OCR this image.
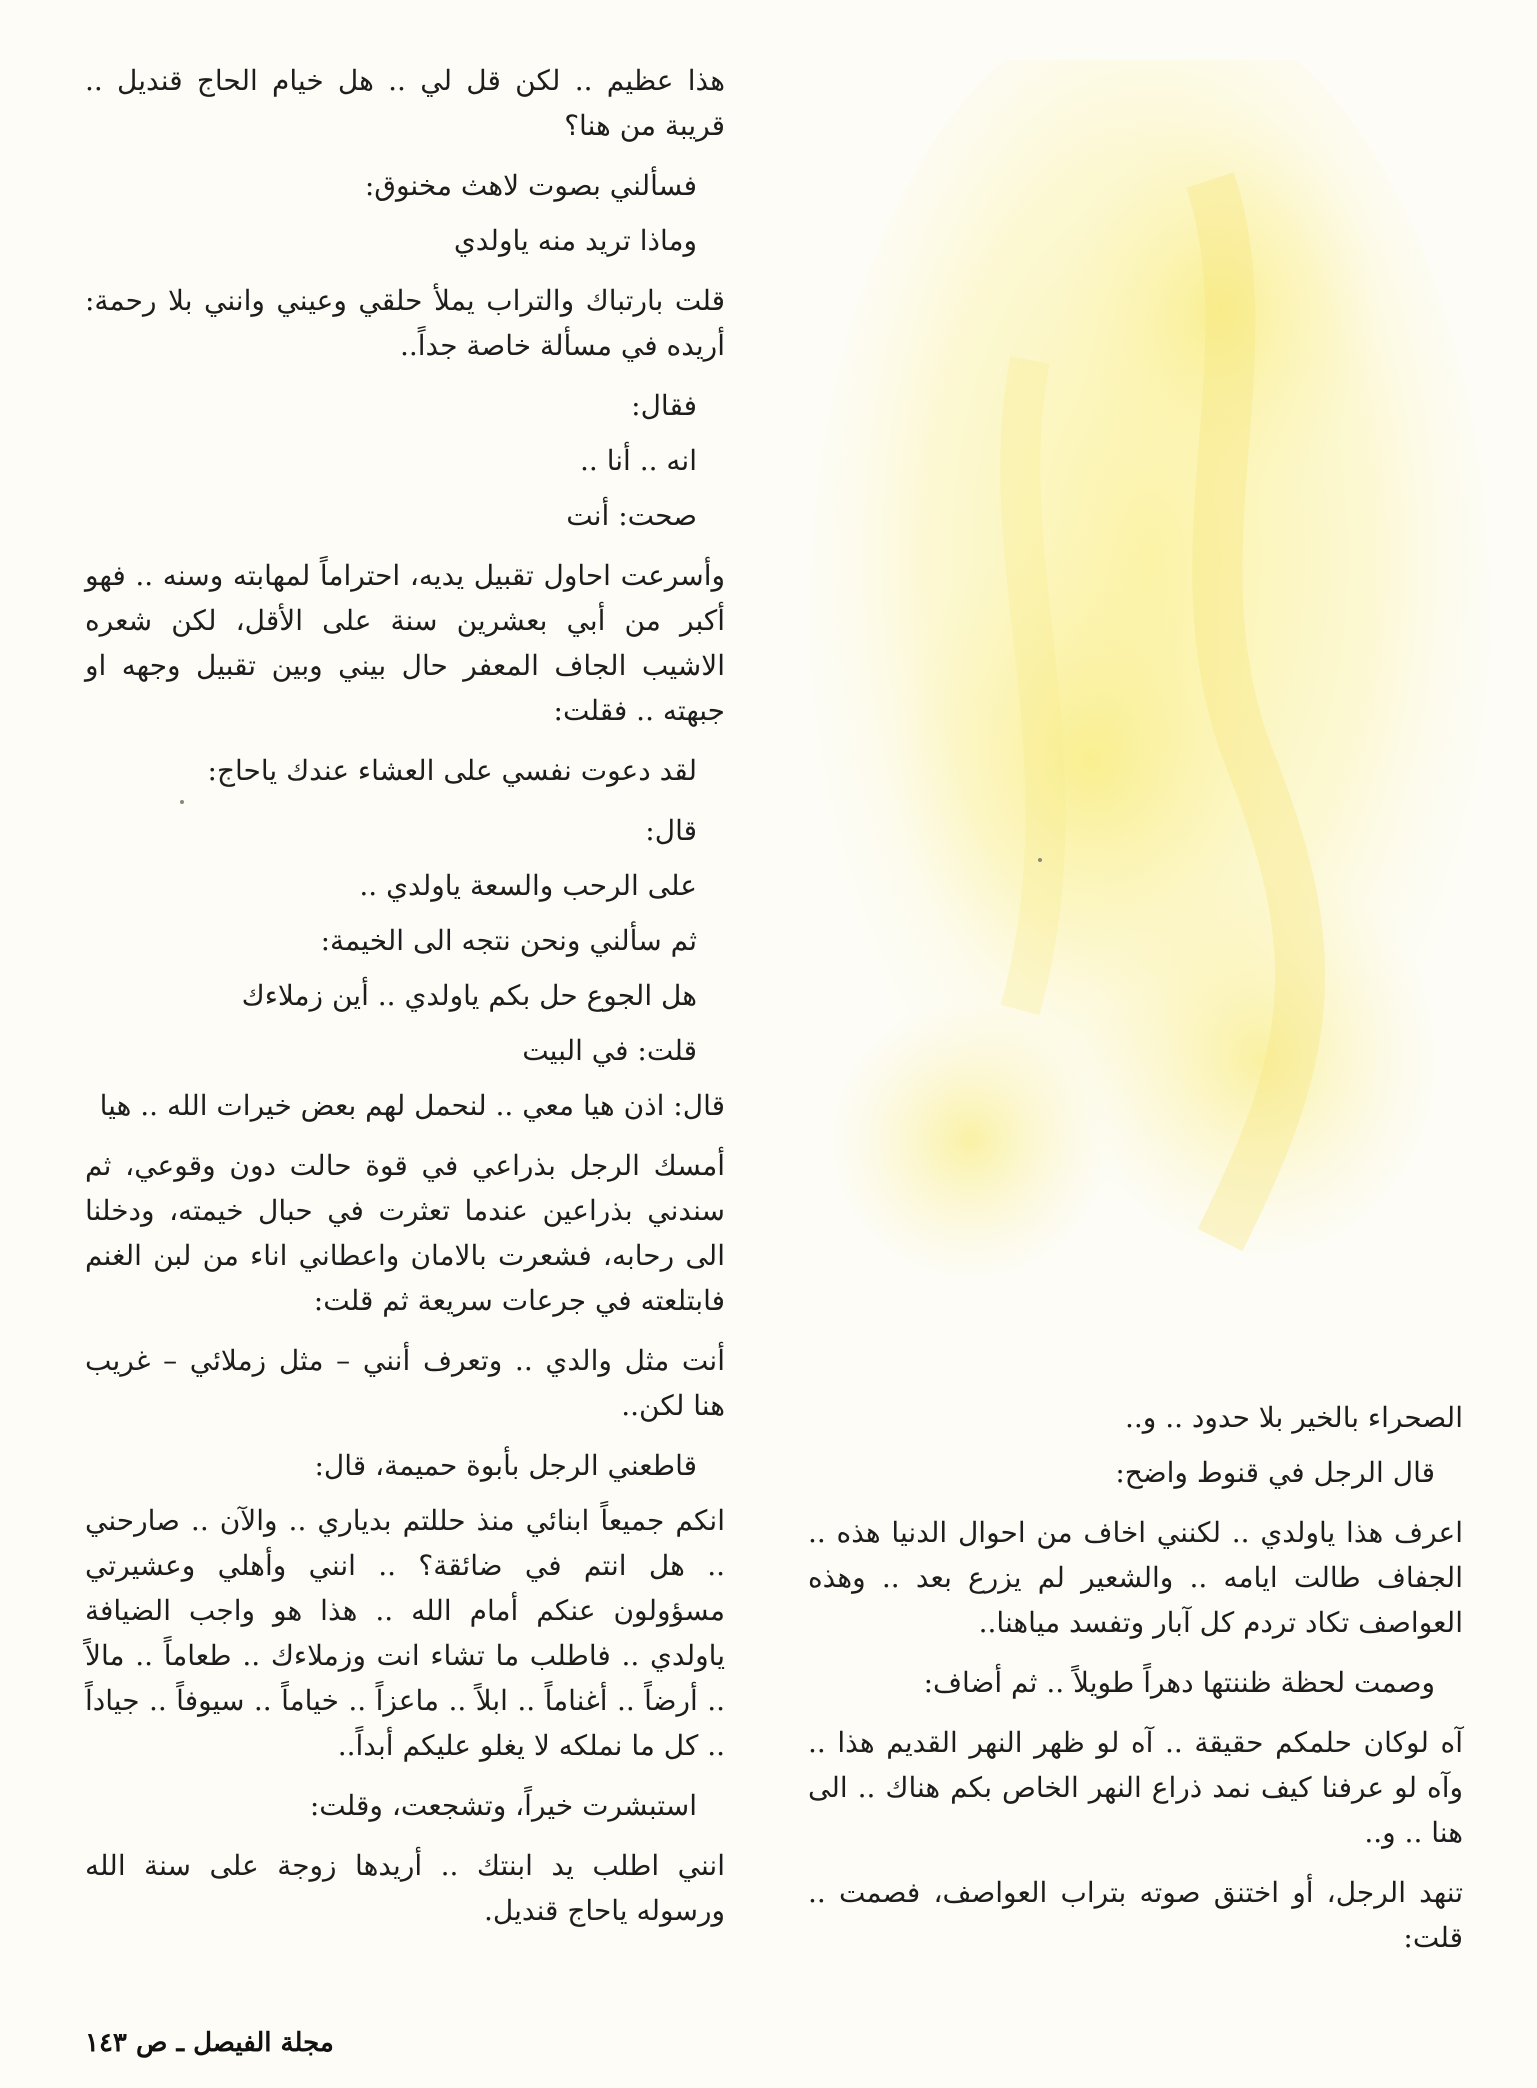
هذا عظيم .. لكن قل لي .. هل خيام الحاج قنديل .. قريبة من هنا؟

فسألني بصوت لاهث مخنوق:

وماذا تريد منه ياولدي

قلت بارتباك والتراب يملأ حلقي وعيني وانني بلا رحمة: أريده في مسألة خاصة جداً..

فقال:

انه .. أنا ..

صحت: أنت

وأسرعت احاول تقبيل يديه، احتراماً لمهابته وسنه .. فهو أكبر من أبي بعشرين سنة على الأقل، لكن شعره الاشيب الجاف المعفر حال بيني وبين تقبيل وجهه او جبهته .. فقلت:

لقد دعوت نفسي على العشاء عندك ياحاج:

قال:

على الرحب والسعة ياولدي ..

ثم سألني ونحن نتجه الى الخيمة:

هل الجوع حل بكم ياولدي .. أين زملاءك

قلت: في البيت

قال: اذن هيا معي .. لنحمل لهم بعض خيرات الله .. هيا

أمسك الرجل بذراعي في قوة حالت دون وقوعي، ثم سندني بذراعين عندما تعثرت في حبال خيمته، ودخلنا الى رحابه، فشعرت بالامان واعطاني اناء من لبن الغنم فابتلعته في جرعات سريعة ثم قلت:

أنت مثل والدي .. وتعرف أنني – مثل زملائي – غريب هنا لكن..

قاطعني الرجل بأبوة حميمة، قال:

انكم جميعاً ابنائي منذ حللتم بدياري .. والآن .. صارحني .. هل انتم في ضائقة؟ .. انني وأهلي وعشيرتي مسؤولون عنكم أمام الله .. هذا هو واجب الضيافة ياولدي .. فاطلب ما تشاء انت وزملاءك .. طعاماً .. مالاً .. أرضاً .. أغناماً .. ابلاً .. ماعزاً .. خياماً .. سيوفاً .. جياداً .. كل ما نملكه لا يغلو عليكم أبداً..

استبشرت خيراً، وتشجعت، وقلت:

انني اطلب يد ابنتك .. أريدها زوجة على سنة الله ورسوله ياحاج قنديل.

الصحراء بالخير بلا حدود .. و..

قال الرجل في قنوط واضح:

اعرف هذا ياولدي .. لكنني اخاف من احوال الدنيا هذه .. الجفاف طالت ايامه .. والشعير لم يزرع بعد .. وهذه العواصف تكاد تردم كل آبار وتفسد مياهنا..

وصمت لحظة ظننتها دهراً طويلاً .. ثم أضاف:

آه لوكان حلمكم حقيقة .. آه لو ظهر النهر القديم هذا .. وآه لو عرفنا كيف نمد ذراع النهر الخاص بكم هناك .. الى هنا .. و..

تنهد الرجل، أو اختنق صوته بتراب العواصف، فصمت .. قلت:

مجلة الفيصل ـ ص ١٤٣
